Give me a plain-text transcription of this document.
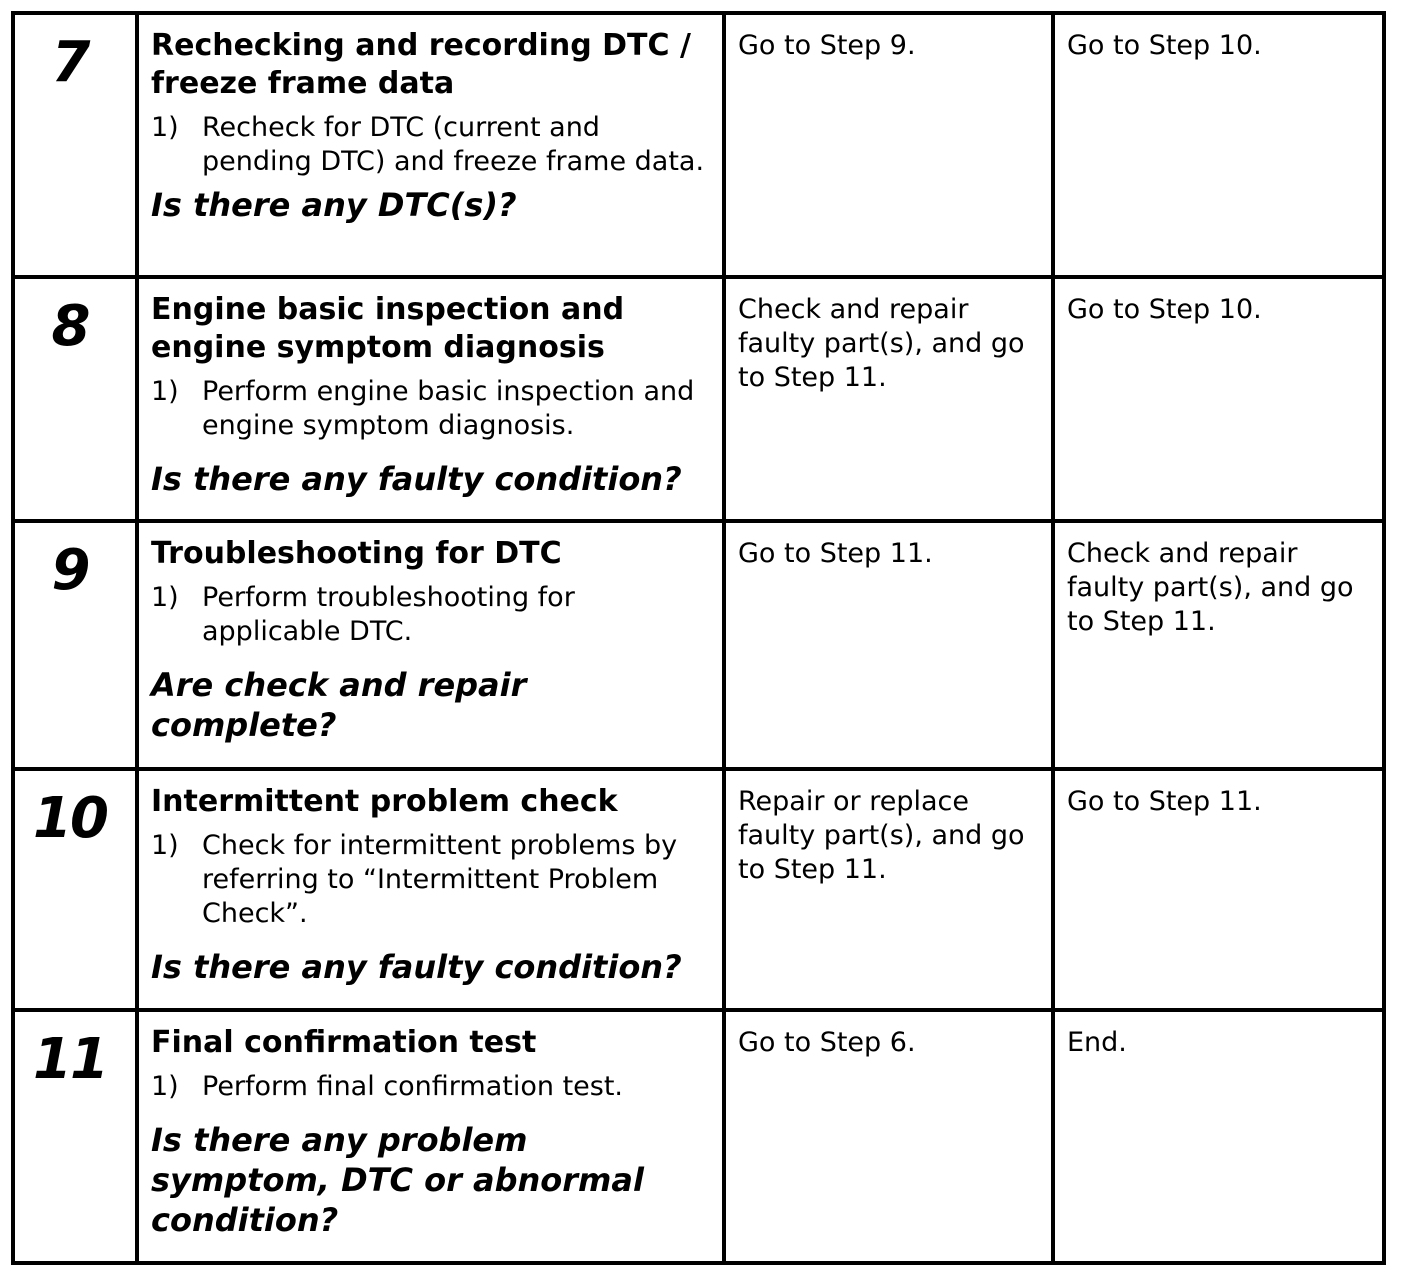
7	Rechecking and recording DTC / freeze frame data
1) Recheck for DTC (current and pending DTC) and freeze frame data.
Is there any DTC(s)?	Go to Step 9.	Go to Step 10.

8	Engine basic inspection and engine symptom diagnosis
1) Perform engine basic inspection and engine symptom diagnosis.
Is there any faulty condition?	Check and repair faulty part(s), and go to Step 11.	Go to Step 10.

9	Troubleshooting for DTC
1) Perform troubleshooting for applicable DTC.
Are check and repair complete?	Go to Step 11.	Check and repair faulty part(s), and go to Step 11.

10	Intermittent problem check
1) Check for intermittent problems by referring to “Intermittent Problem Check”.
Is there any faulty condition?	Repair or replace faulty part(s), and go to Step 11.	Go to Step 11.

11	Final confirmation test
1) Perform final confirmation test.
Is there any problem symptom, DTC or abnormal condition?	Go to Step 6.	End.
